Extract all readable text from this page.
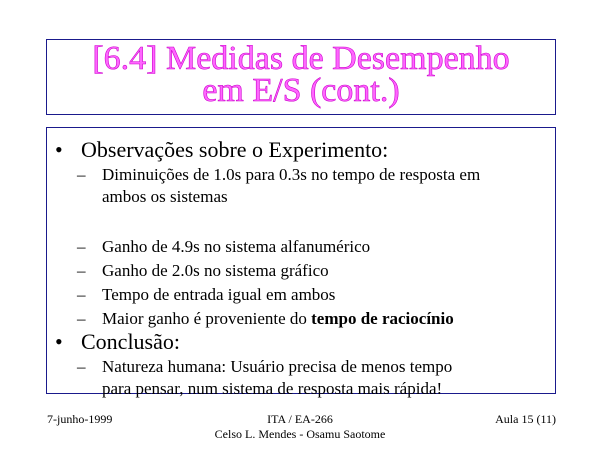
[6.4] Medidas de Desempenho
em E/S (cont.)
• Observações sobre o Experimento:
– Diminuições de 1.0s para 0.3s no tempo de resposta em
ambos os sistemas
– Ganho de 4.9s no sistema alfanumérico
– Ganho de 2.0s no sistema gráfico
– Tempo de entrada igual em ambos
– Maior ganho é proveniente do tempo de raciocínio
• Conclusão:
– Natureza humana: Usuário precisa de menos tempo
para pensar, num sistema de resposta mais rápida!
7-junho-1999	ITA / EA-266
Celso L. Mendes - Osamu Saotome
Aula 15 (11)
